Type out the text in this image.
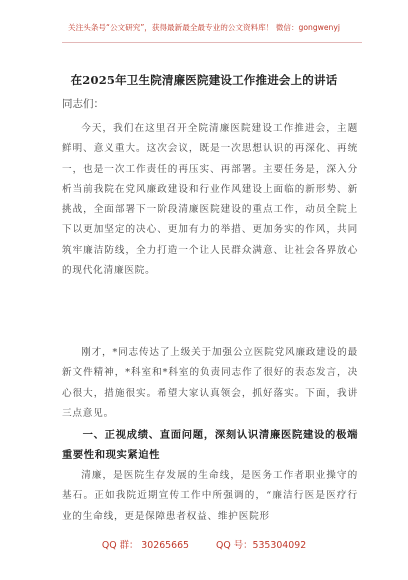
关注头条号“公文研究”，获得最新最全最专业的公文资料库！ 微信：gongwenyj
在2025年卫生院清廉医院建设工作推进会上的讲话
同志们：
今天，我们在这里召开全院清廉医院建设工作推进会，主题鲜明、意义重大。这次会议，既是一次思想认识的再深化、再统一，也是一次工作责任的再压实、再部署。主要任务是，深入分析当前我院在党风廉政建设和行业作风建设上面临的新形势、新挑战，全面部署下一阶段清廉医院建设的重点工作，动员全院上下以更加坚定的决心、更加有力的举措、更加务实的作风，共同筑牢廉洁防线，全力打造一个让人民群众满意、让社会各界放心的现代化清廉医院。
刚才，*同志传达了上级关于加强公立医院党风廉政建设的最新文件精神，*科室和*科室的负责同志作了很好的表态发言，决心很大，措施很实。希望大家认真领会，抓好落实。下面，我讲三点意见。
一、正视成绩、直面问题，深刻认识清廉医院建设的极端重要性和现实紧迫性
清廉，是医院生存发展的生命线，是医务工作者职业操守的基石。正如我院近期宣传工作中所强调的，“廉洁行医是医疗行业的生命线，更是保障患者权益、维护医院形
QQ 群： 30265665	QQ 号：535304092
